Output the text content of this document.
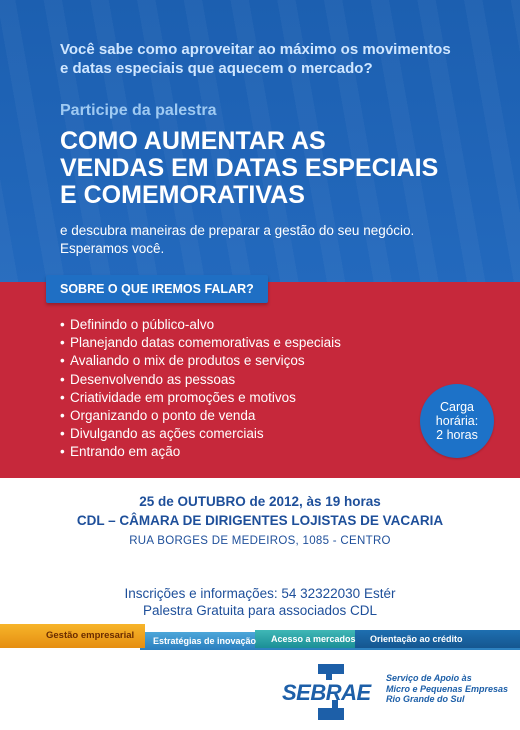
Você sabe como aproveitar ao máximo os movimentos
e datas especiais que aquecem o mercado?
Participe da palestra
COMO AUMENTAR AS
VENDAS EM DATAS ESPECIAIS
E COMEMORATIVAS
e descubra maneiras de preparar a gestão do seu negócio.
Esperamos você.
SOBRE O QUE IREMOS FALAR?
• Definindo o público-alvo
• Planejando datas comemorativas e especiais
• Avaliando o mix de produtos e serviços
• Desenvolvendo as pessoas
• Criatividade em promoções e motivos
• Organizando o ponto de venda
• Divulgando as ações comerciais
• Entrando em ação
Carga
horária:
2 horas
25 de OUTUBRO de 2012, às 19 horas
CDL – CÂMARA DE DIRIGENTES LOJISTAS DE VACARIA
RUA BORGES DE MEDEIROS, 1085 - CENTRO
Inscrições e informações: 54 32322030 Estér
Palestra Gratuita para associados CDL
Gestão empresarial	Estratégias de inovação Acesso a mercados Orientação ao crédito
SEBRAE
Serviço de Apoio às
Micro e Pequenas Empresas
Rio Grande do Sul
